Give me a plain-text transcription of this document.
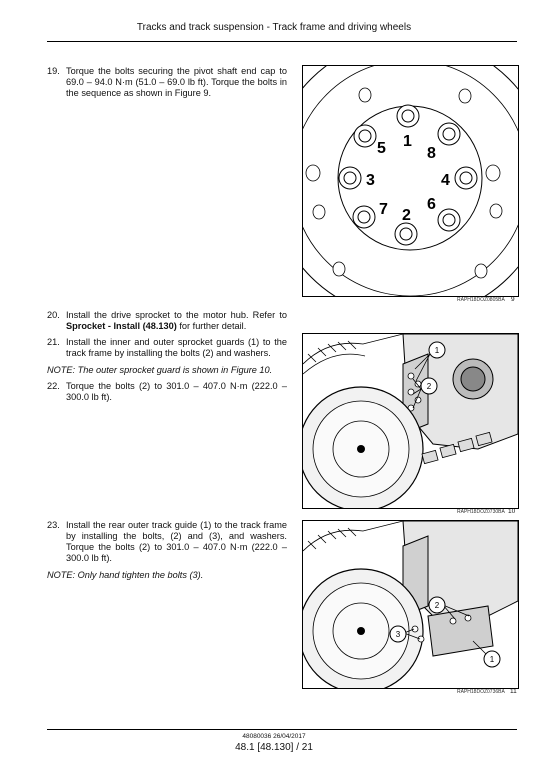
Tracks and track suspension - Track frame and driving wheels
19. Torque the bolts securing the pivot shaft end cap to 69.0 – 94.0 N·m (51.0 – 69.0 lb ft). Torque the bolts in the sequence as shown in Figure 9.
1
8
4
6
2
7
3
5
RAPH18DOZ0805BA 9
20. Install the drive sprocket to the motor hub. Refer to Sprocket - Install (48.130) for further detail.
21. Install the inner and outer sprocket guards (1) to the track frame by installing the bolts (2) and washers.
NOTE: The outer sprocket guard is shown in Figure 10.
22. Torque the bolts (2) to 301.0 – 407.0 N·m (222.0 – 300.0 lb ft).
1
2
RAPH18DOZ0730BA 10
23. Install the rear outer track guide (1) to the track frame by installing the bolts, (2) and (3), and washers. Torque the bolts (2) to 301.0 – 407.0 N·m (222.0 – 300.0 lb ft).
NOTE: Only hand tighten the bolts (3).
2
3
1
RAPH18DOZ0736BA 11
48080036 26/04/2017
48.1 [48.130] / 21
